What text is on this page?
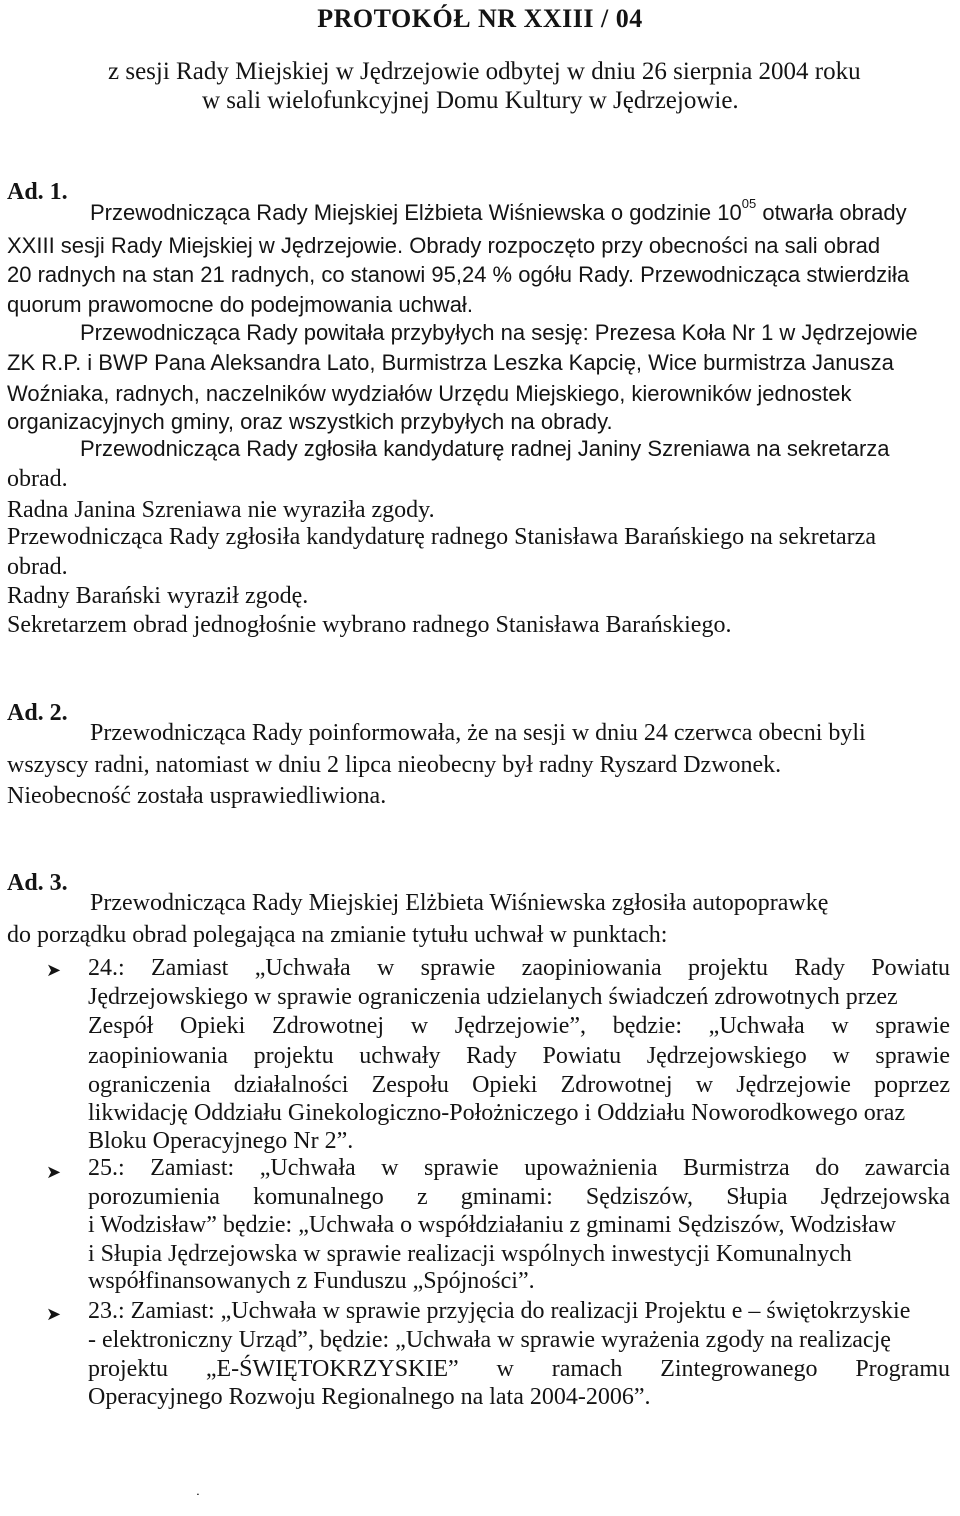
PROTOKÓŁ NR XXIII / 04
z sesji Rady Miejskiej w Jędrzejowie odbytej w dniu 26 sierpnia 2004 roku
w sali wielofunkcyjnej Domu Kultury w Jędrzejowie.
Ad. 1.
Przewodnicząca Rady Miejskiej Elżbieta Wiśniewska o godzinie $10^{05}$ otwarła obrady
XXIII sesji Rady Miejskiej w Jędrzejowie. Obrady rozpoczęto przy obecności na sali obrad
20 radnych na stan 21 radnych, co stanowi 95,24 % ogółu Rady. Przewodnicząca stwierdziła
quorum prawomocne do podejmowania uchwał.
Przewodnicząca Rady powitała przybyłych na sesję: Prezesa Koła Nr 1 w Jędrzejowie
ZK R.P. i BWP Pana Aleksandra Lato, Burmistrza Leszka Kapcię, Wice burmistrza Janusza
Woźniaka, radnych, naczelników wydziałów Urzędu Miejskiego, kierowników jednostek
organizacyjnych gminy, oraz wszystkich przybyłych na obrady.
Przewodnicząca Rady zgłosiła kandydaturę radnej Janiny Szreniawa na sekretarza
obrad.
Radna Janina Szreniawa nie wyraziła zgody.
Przewodnicząca Rady zgłosiła kandydaturę radnego Stanisława Barańskiego na sekretarza
obrad.
Radny Barański wyraził zgodę.
Sekretarzem obrad jednogłośnie wybrano radnego Stanisława Barańskiego.
Ad. 2.
Przewodnicząca Rady poinformowała, że na sesji w dniu 24 czerwca obecni byli
wszyscy radni, natomiast w dniu 2 lipca nieobecny był radny Ryszard Dzwonek.
Nieobecność została usprawiedliwiona.
Ad. 3.
Przewodnicząca Rady Miejskiej Elżbieta Wiśniewska zgłosiła autopoprawkę
do porządku obrad polegająca na zmianie tytułu uchwał w punktach:
➤ 24.: Zamiast „Uchwała w sprawie zaopiniowania projektu Rady Powiatu
Jędrzejowskiego w sprawie ograniczenia udzielanych świadczeń zdrowotnych przez
Zespół Opieki Zdrowotnej w Jędrzejowie”, będzie: „Uchwała w sprawie
zaopiniowania projektu uchwały Rady Powiatu Jędrzejowskiego w sprawie
ograniczenia działalności Zespołu Opieki Zdrowotnej w Jędrzejowie poprzez
likwidację Oddziału Ginekologiczno-Położniczego i Oddziału Noworodkowego oraz
Bloku Operacyjnego Nr 2”.
➤ 25.: Zamiast: „Uchwała w sprawie upoważnienia Burmistrza do zawarcia
porozumienia komunalnego z gminami: Sędziszów, Słupia Jędrzejowska
i Wodzisław” będzie: „Uchwała o współdziałaniu z gminami Sędziszów, Wodzisław
i Słupia Jędrzejowska w sprawie realizacji wspólnych inwestycji Komunalnych
współfinansowanych z Funduszu „Spójności”.
➤ 23.: Zamiast: „Uchwała w sprawie przyjęcia do realizacji Projektu e – świętokrzyskie
- elektroniczny Urząd”, będzie: „Uchwała w sprawie wyrażenia zgody na realizację
projektu „E-ŚWIĘTOKRZYSKIE” w ramach Zintegrowanego Programu
Operacyjnego Rozwoju Regionalnego na lata 2004-2006”.
˙
